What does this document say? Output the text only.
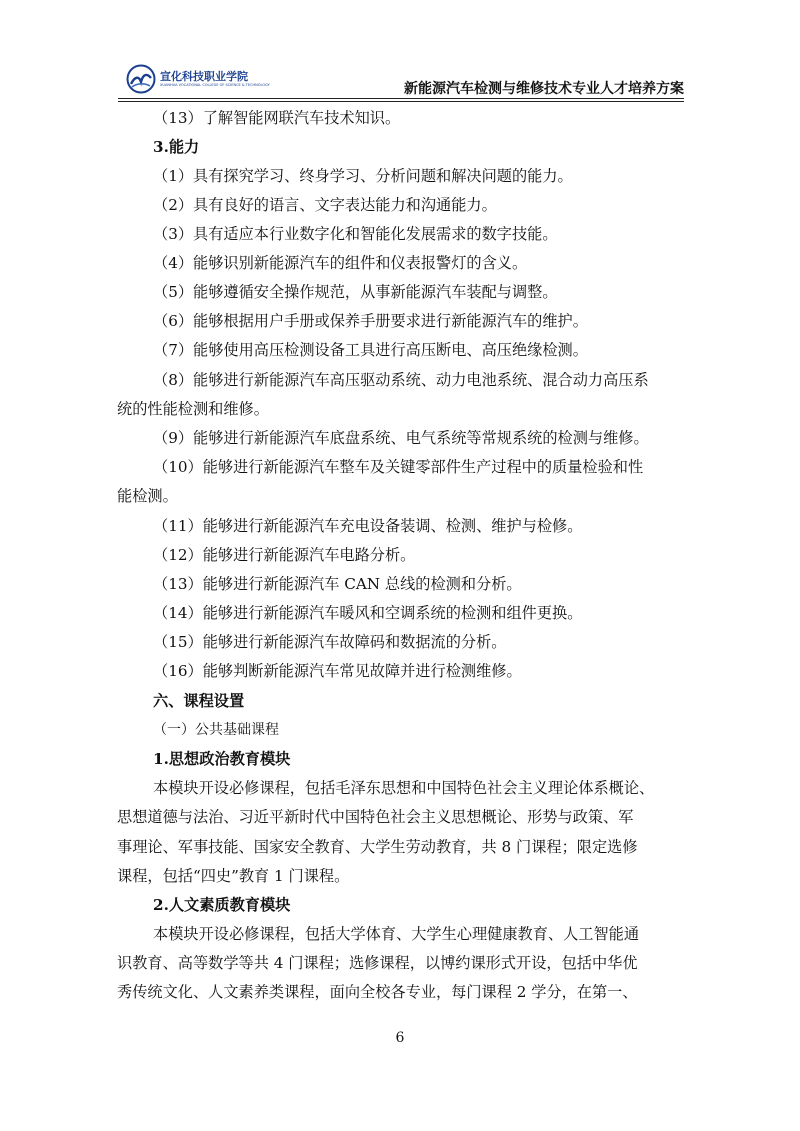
宣化科技职业学院
XUANHUA VOCATIONAL COLLEGE OF SCIENCE & TECHNOLOGY	新能源汽车检测与维修技术专业人才培养方案
（13）了解智能网联汽车技术知识。
3.能力
（1）具有探究学习、终身学习、分析问题和解决问题的能力。
（2）具有良好的语言、文字表达能力和沟通能力。
（3）具有适应本行业数字化和智能化发展需求的数字技能。
（4）能够识别新能源汽车的组件和仪表报警灯的含义。
（5）能够遵循安全操作规范，从事新能源汽车装配与调整。
（6）能够根据用户手册或保养手册要求进行新能源汽车的维护。
（7）能够使用高压检测设备工具进行高压断电、高压绝缘检测。
（8）能够进行新能源汽车高压驱动系统、动力电池系统、混合动力高压系
统的性能检测和维修。
（9）能够进行新能源汽车底盘系统、电气系统等常规系统的检测与维修。
（10）能够进行新能源汽车整车及关键零部件生产过程中的质量检验和性
能检测。
（11）能够进行新能源汽车充电设备装调、检测、维护与检修。
（12）能够进行新能源汽车电路分析。
（13）能够进行新能源汽车 CAN 总线的检测和分析。
（14）能够进行新能源汽车暖风和空调系统的检测和组件更换。
（15）能够进行新能源汽车故障码和数据流的分析。
（16）能够判断新能源汽车常见故障并进行检测维修。
六、课程设置
（一）公共基础课程
1.思想政治教育模块
本模块开设必修课程，包括毛泽东思想和中国特色社会主义理论体系概论、
思想道德与法治、习近平新时代中国特色社会主义思想概论、形势与政策、军
事理论、军事技能、国家安全教育、大学生劳动教育，共 8 门课程；限定选修
课程，包括“四史”教育 1 门课程。
2.人文素质教育模块
本模块开设必修课程，包括大学体育、大学生心理健康教育、人工智能通
识教育、高等数学等共 4 门课程；选修课程，以博约课形式开设，包括中华优
秀传统文化、人文素养类课程，面向全校各专业，每门课程 2 学分，在第一、
6
